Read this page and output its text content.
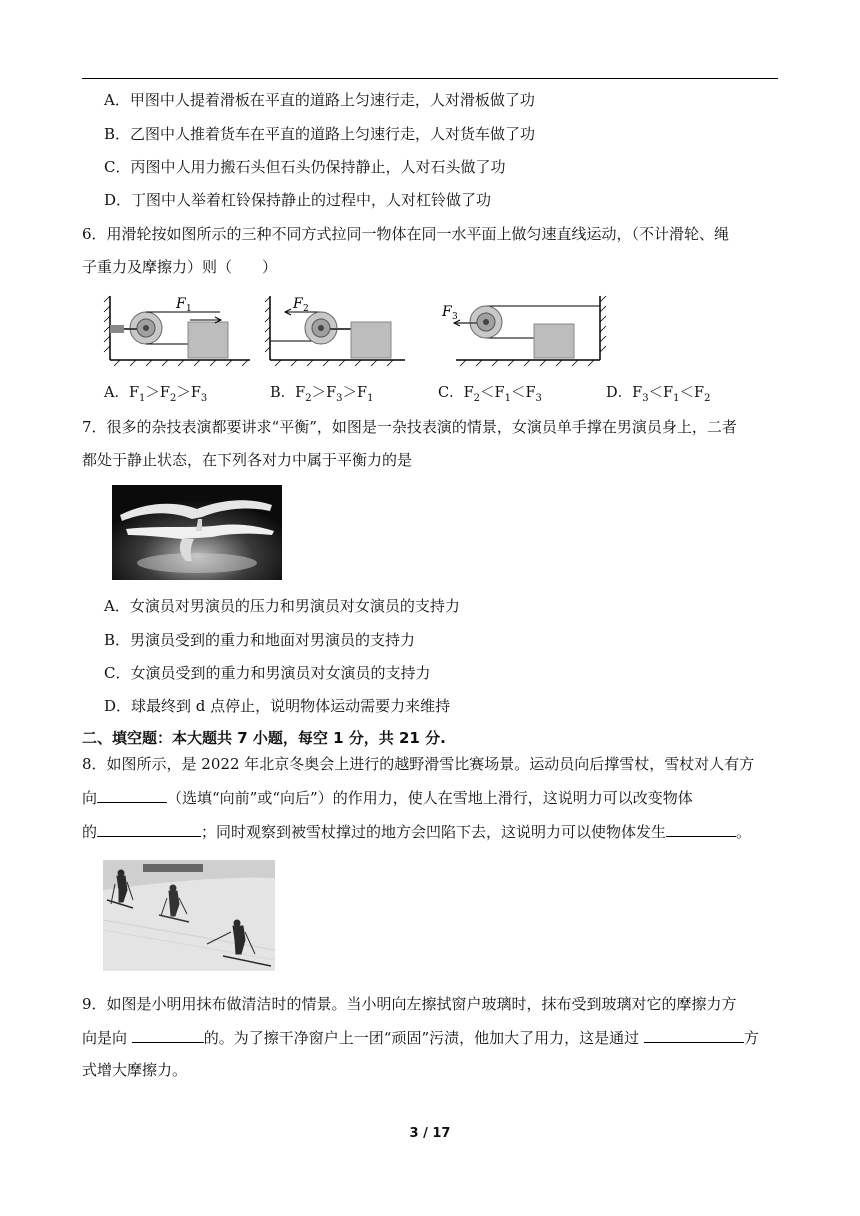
A．甲图中人提着滑板在平直的道路上匀速行走，人对滑板做了功
B．乙图中人推着货车在平直的道路上匀速行走，人对货车做了功
C．丙图中人用力搬石头但石头仍保持静止，人对石头做了功
D．丁图中人举着杠铃保持静止的过程中，人对杠铃做了功
6．用滑轮按如图所示的三种不同方式拉同一物体在同一水平面上做匀速直线运动，（不计滑轮、绳
子重力及摩擦力）则（　　）
F 1	F 2	F 3
A．$F_1>F_2>F_3$	B．$F_2>F_3>F_1$	C．$F_2<F_1<F_3$	D．$F_3<F_1<F_2$
7．很多的杂技表演都要讲求“平衡”，如图是一杂技表演的情景，女演员单手撑在男演员身上，二者
都处于静止状态，在下列各对力中属于平衡力的是
A．女演员对男演员的压力和男演员对女演员的支持力
B．男演员受到的重力和地面对男演员的支持力
C．女演员受到的重力和男演员对女演员的支持力
D．球最终到 d 点停止，说明物体运动需要力来维持
二、填空题：本大题共 7 小题，每空 1 分，共 21 分.
8．如图所示，是 2022 年北京冬奥会上进行的越野滑雪比赛场景。运动员向后撑雪杖，雪杖对人有方
向	（选填“向前”或“向后”）的作用力，使人在雪地上滑行，这说明力可以改变物体
的	；同时观察到被雪杖撑过的地方会凹陷下去，这说明力可以使物体发生	。
9．如图是小明用抹布做清洁时的情景。当小明向左擦拭窗户玻璃时，抹布受到玻璃对它的摩擦力方
向是向	的。为了擦干净窗户上一团“顽固”污渍，他加大了用力，这是通过	方
式增大摩擦力。
3 / 17
